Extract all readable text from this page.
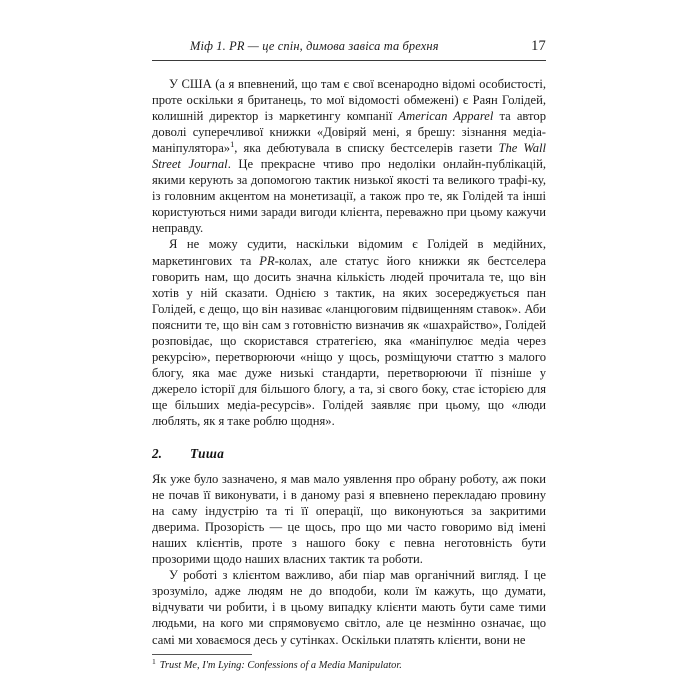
Міф 1. PR — це спін, димова завіса та брехня	17

У США (а я впевнений, що там є свої всенародно відомі особистості, проте оскільки я британець, то мої відомості обмежені) є Раян Голідей, колишній директор із маркетингу компанії American Apparel та автор доволі суперечливої книжки «Довіряй мені, я брешу: зізнання медіа-маніпулятора»$^1$, яка дебютувала в списку бестселерів газети The Wall Street Journal. Це прекрасне чтиво про недоліки онлайн-публікацій, якими керують за допомогою тактик низької якості та великого трафі-ку, із головним акцентом на монетизації, а також про те, як Голідей та інші користуються ними заради вигоди клієнта, переважно при цьому кажучи неправду.

Я не можу судити, наскільки відомим є Голідей в медійних, маркетингових та PR-колах, але статус його книжки як бестселера говорить нам, що досить значна кількість людей прочитала те, що він хотів у ній сказати. Однією з тактик, на яких зосереджується пан Голідей, є дещо, що він називає «ланцюговим підвищенням ставок». Аби пояснити те, що він сам з готовністю визначив як «шахрайство», Голідей розповідає, що скористався стратегією, яка «маніпулює медіа через рекурсію», перетворюючи «ніщо у щось, розміщуючи статтю з малого блогу, яка має дуже низькі стандарти, перетворюючи її пізніше у джерело історії для більшого блогу, а та, зі свого боку, стає історією для ще більших медіа-ресурсів». Голідей заявляє при цьому, що «люди люблять, як я таке роблю щодня».

2.	Тиша

Як уже було зазначено, я мав мало уявлення про обрану роботу, аж поки не почав її виконувати, і в даному разі я впевнено перекладаю провину на саму індустрію та ті її операції, що виконуються за закритими дверима. Прозорість — це щось, про що ми часто говоримо від імені наших клієнтів, проте з нашого боку є певна неготовність бути прозорими щодо наших власних тактик та роботи.

У роботі з клієнтом важливо, аби піар мав органічний вигляд. І це зрозуміло, адже людям не до вподоби, коли їм кажуть, що думати, відчувати чи робити, і в цьому випадку клієнти мають бути саме тими людьми, на кого ми спрямовуємо світло, але це незмінно означає, що самі ми ховаємося десь у сутінках. Оскільки платять клієнти, вони не

$^1$ Trust Me, I'm Lying: Confessions of a Media Manipulator.
